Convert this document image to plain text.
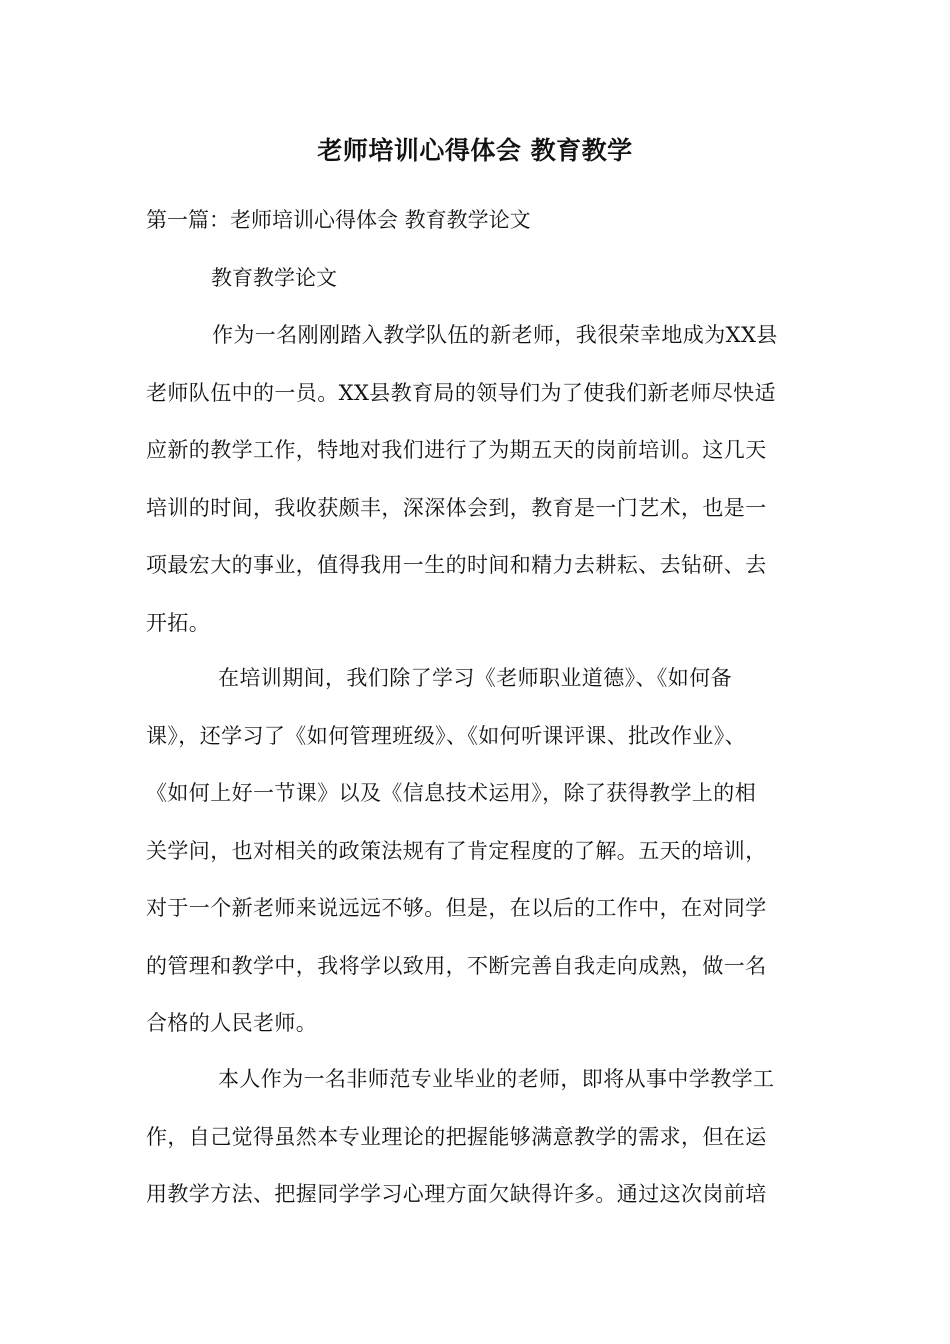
老师培训心得体会 教育教学

第一篇：老师培训心得体会 教育教学论文

教育教学论文

作为一名刚刚踏入教学队伍的新老师，我很荣幸地成为XX县
老师队伍中的一员。XX县教育局的领导们为了使我们新老师尽快适
应新的教学工作，特地对我们进行了为期五天的岗前培训。这几天
培训的时间，我收获颇丰，深深体会到，教育是一门艺术，也是一
项最宏大的事业，值得我用一生的时间和精力去耕耘、去钻研、去
开拓。
在培训期间，我们除了学习《老师职业道德》、《如何备
课》，还学习了《如何管理班级》、《如何听课评课、批改作业》、
《如何上好一节课》以及《信息技术运用》，除了获得教学上的相
关学问，也对相关的政策法规有了肯定程度的了解。五天的培训，
对于一个新老师来说远远不够。但是，在以后的工作中，在对同学
的管理和教学中，我将学以致用，不断完善自我走向成熟，做一名
合格的人民老师。
本人作为一名非师范专业毕业的老师，即将从事中学教学工
作，自己觉得虽然本专业理论的把握能够满意教学的需求，但在运
用教学方法、把握同学学习心理方面欠缺得许多。通过这次岗前培
